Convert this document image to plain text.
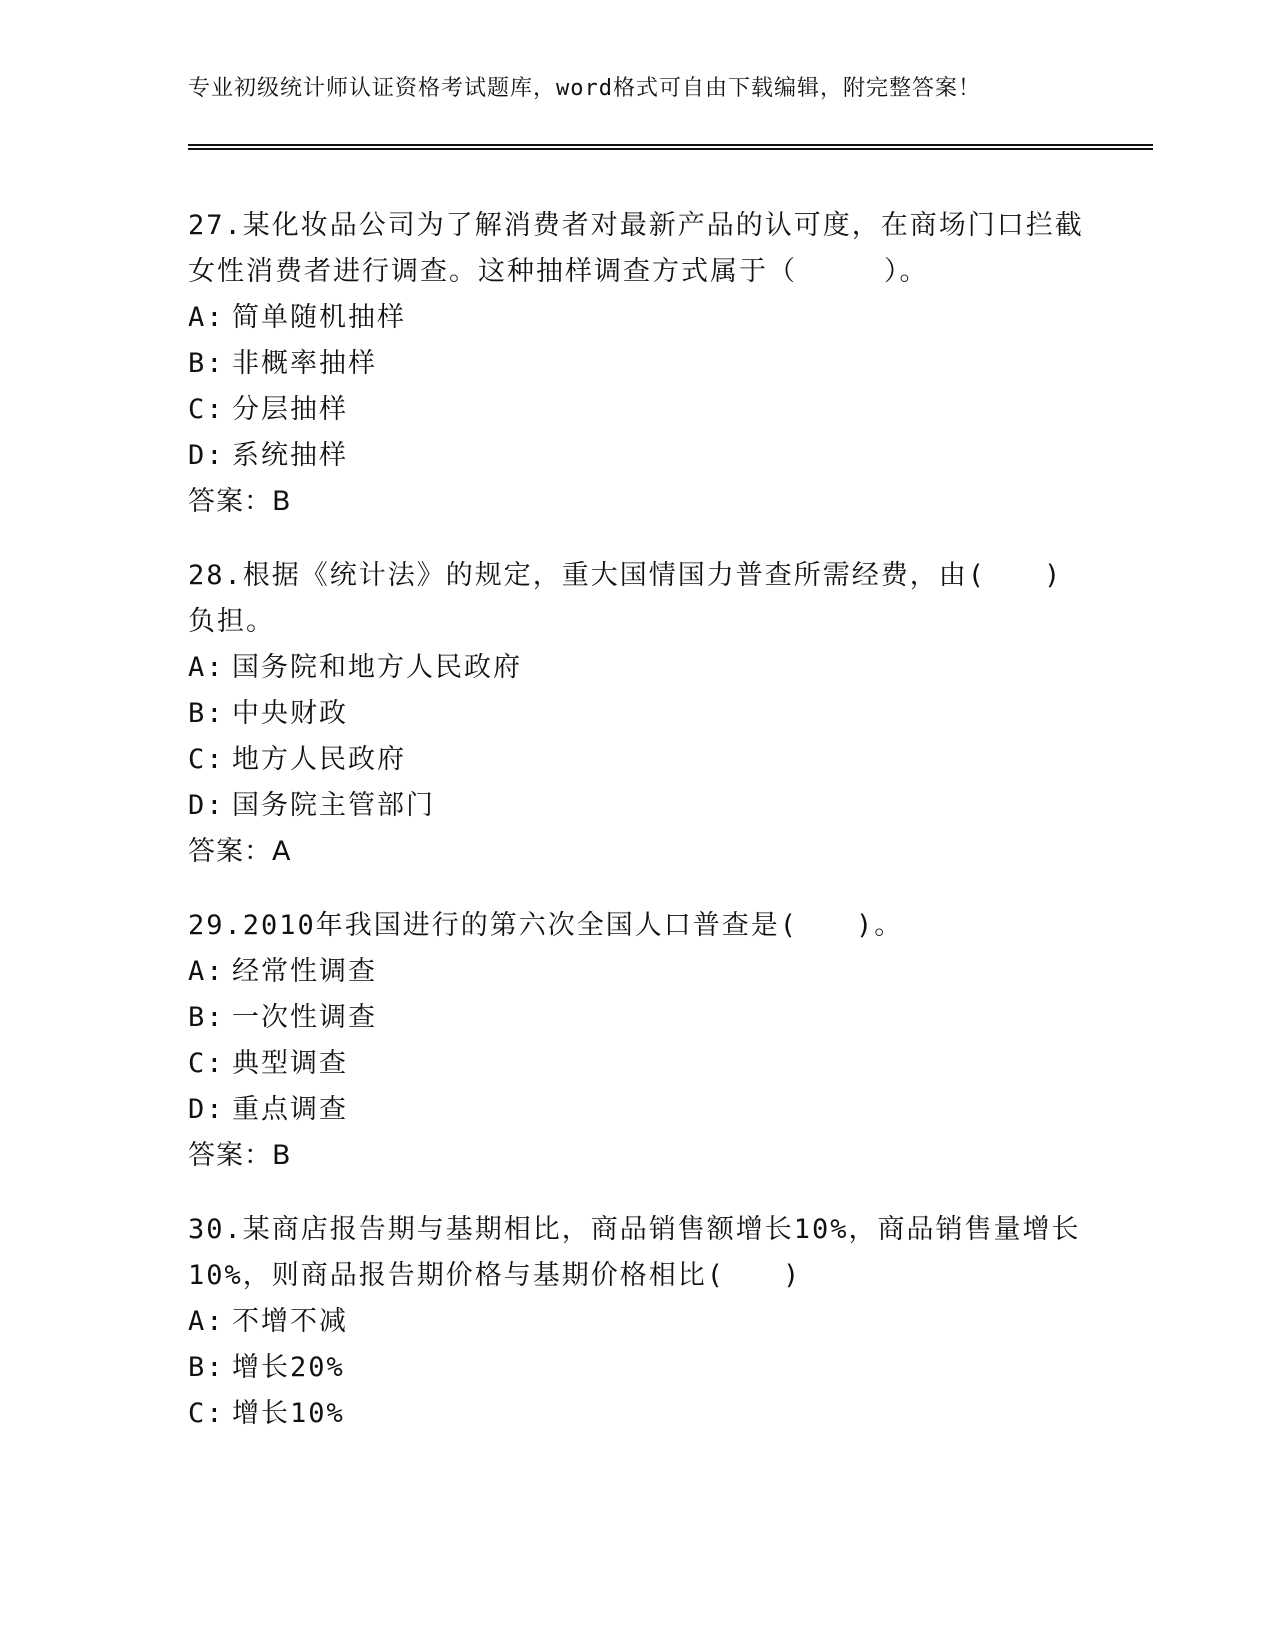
专业初级统计师认证资格考试题库，word格式可自由下载编辑，附完整答案！

27.某化妆品公司为了解消费者对最新产品的认可度，在商场门口拦截女性消费者进行调查。这种抽样调查方式属于（　　　）。

A: 简单随机抽样

B: 非概率抽样

C: 分层抽样

D: 系统抽样

答案：B

28.根据《统计法》的规定，重大国情国力普查所需经费，由(　　)负担。

A: 国务院和地方人民政府

B: 中央财政

C: 地方人民政府

D: 国务院主管部门

答案：A

29.2010年我国进行的第六次全国人口普查是(　　)。

A: 经常性调查

B: 一次性调查

C: 典型调查

D: 重点调查

答案：B

30.某商店报告期与基期相比，商品销售额增长10%，商品销售量增长10%，则商品报告期价格与基期价格相比(　　)

A: 不增不减

B: 增长20%

C: 增长10%
